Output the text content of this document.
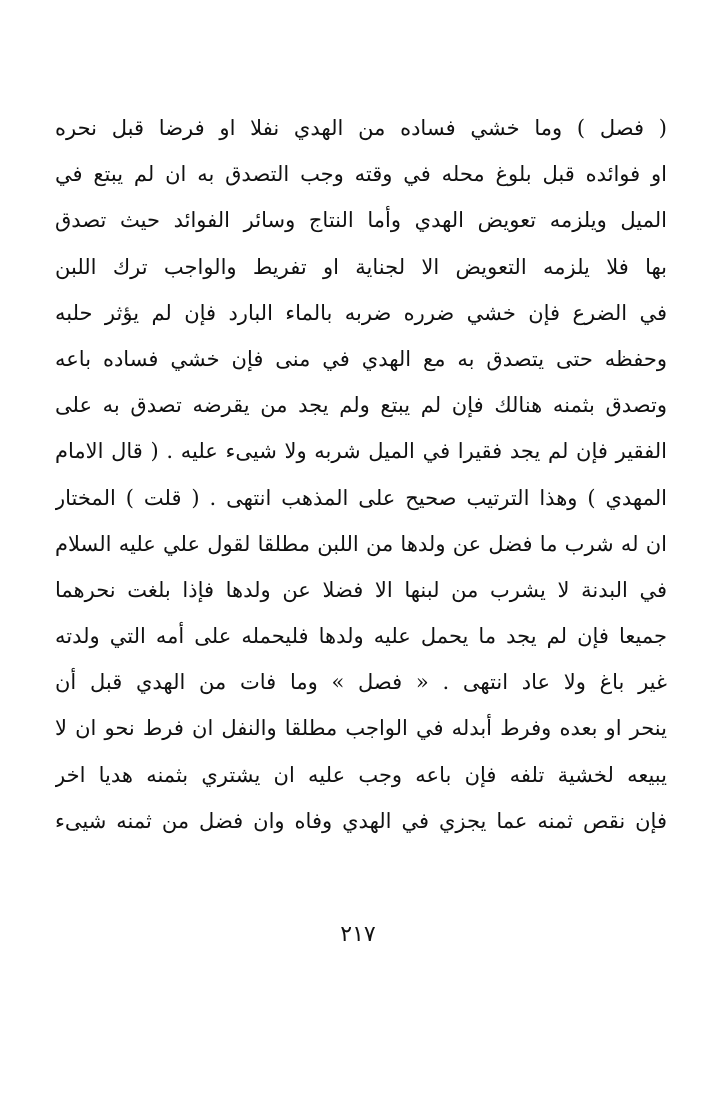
( فصل ) وما خشي فساده من الهدي نفلا او فرضا قبل نحره
او فوائده قبل بلوغ محله في وقته وجب التصدق به ان لم يبتع في
الميل ويلزمه تعويض الهدي وأما النتاج وسائر الفوائد حيث تصدق
بها فلا يلزمه التعويض الا لجناية او تفريط والواجب ترك اللبن
في الضرع فإن خشي ضرره ضربه بالماء البارد فإن لم يؤثر حلبه
وحفظه حتى يتصدق به مع الهدي في منى فإن خشي فساده باعه
وتصدق بثمنه هنالك فإن لم يبتع ولم يجد من يقرضه تصدق به على
الفقير فإن لم يجد فقيرا في الميل شربه ولا شيىء عليه . ( قال الامام
المهدي ) وهذا الترتيب صحيح على المذهب انتهى . ( قلت ) المختار
ان له شرب ما فضل عن ولدها من اللبن مطلقا لقول علي عليه السلام
في البدنة لا يشرب من لبنها الا فضلا عن ولدها فإذا بلغت نحرهما
جميعا فإن لم يجد ما يحمل عليه ولدها فليحمله على أمه التي ولدته
غير باغ ولا عاد انتهى . « فصل » وما فات من الهدي قبل أن
ينحر او بعده وفرط أبدله في الواجب مطلقا والنفل ان فرط نحو ان لا
يبيعه لخشية تلفه فإن باعه وجب عليه ان يشتري بثمنه هديا اخر
فإن نقص ثمنه عما يجزي في الهدي وفاه وان فضل من ثمنه شيىء
٢١٧
